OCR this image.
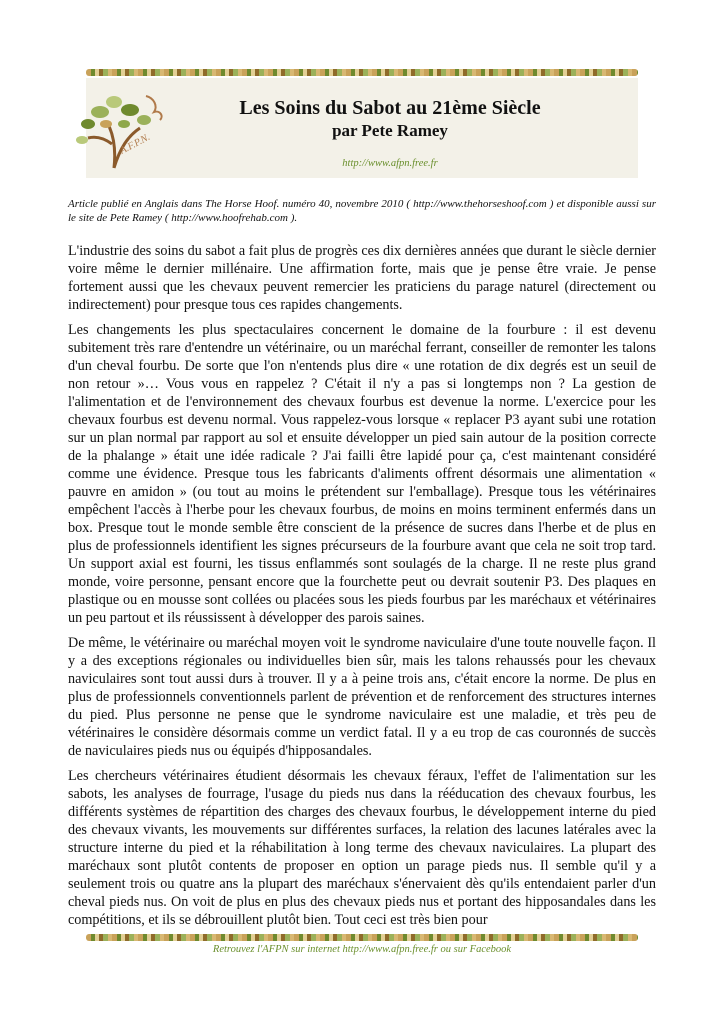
A.F.P.N.
Les Soins du Sabot au 21ème Siècle
par Pete Ramey
http://www.afpn.free.fr

Article publié en Anglais dans The Horse Hoof. numéro 40, novembre 2010 ( http://www.thehorseshoof.com ) et disponible aussi sur le site de Pete Ramey ( http://www.hoofrehab.com ).

L'industrie des soins du sabot a fait plus de progrès ces dix dernières années que durant le siècle dernier voire même le dernier millénaire. Une affirmation forte, mais que je pense être vraie. Je pense fortement aussi que les chevaux peuvent remercier les praticiens du parage naturel (directement ou indirectement) pour presque tous ces rapides changements.

Les changements les plus spectaculaires concernent le domaine de la fourbure : il est devenu subitement très rare d'entendre un vétérinaire, ou un maréchal ferrant, conseiller de remonter les talons d'un cheval fourbu. De sorte que l'on n'entends plus dire « une rotation de dix degrés est un seuil de non retour »… Vous vous en rappelez ? C'était il n'y a pas si longtemps non ? La gestion de l'alimentation et de l'environnement des chevaux fourbus est devenue la norme. L'exercice pour les chevaux fourbus est devenu normal. Vous rappelez-vous lorsque « replacer P3 ayant subi une rotation sur un plan normal par rapport au sol et ensuite développer un pied sain autour de la position correcte de la phalange » était une idée radicale ? J'ai failli être lapidé pour ça, c'est maintenant considéré comme une évidence. Presque tous les fabricants d'aliments offrent désormais une alimentation « pauvre en amidon » (ou tout au moins le prétendent sur l'emballage). Presque tous les vétérinaires empêchent l'accès à l'herbe pour les chevaux fourbus, de moins en moins terminent enfermés dans un box. Presque tout le monde semble être conscient de la présence de sucres dans l'herbe et de plus en plus de professionnels identifient les signes précurseurs de la fourbure avant que cela ne soit trop tard. Un support axial est fourni, les tissus enflammés sont soulagés de la charge. Il ne reste plus grand monde, voire personne, pensant encore que la fourchette peut ou devrait soutenir P3. Des plaques en plastique ou en mousse sont collées ou placées sous les pieds fourbus par les maréchaux et vétérinaires un peu partout et ils réussissent à développer des parois saines.

De même, le vétérinaire ou maréchal moyen voit le syndrome naviculaire d'une toute nouvelle façon. Il y a des exceptions régionales ou individuelles bien sûr, mais les talons rehaussés pour les chevaux naviculaires sont tout aussi durs à trouver. Il y a à peine trois ans, c'était encore la norme. De plus en plus de professionnels conventionnels parlent de prévention et de renforcement des structures internes du pied. Plus personne ne pense que le syndrome naviculaire est une maladie, et très peu de vétérinaires le considère désormais comme un verdict fatal. Il y a eu trop de cas couronnés de succès de naviculaires pieds nus ou équipés d'hipposandales.

Les chercheurs vétérinaires étudient désormais les chevaux féraux, l'effet de l'alimentation sur les sabots, les analyses de fourrage, l'usage du pieds nus dans la rééducation des chevaux fourbus, les différents systèmes de répartition des charges des chevaux fourbus, le développement interne du pied des chevaux vivants, les mouvements sur différentes surfaces, la relation des lacunes latérales avec la structure interne du pied et la réhabilitation à long terme des chevaux naviculaires. La plupart des maréchaux sont plutôt contents de proposer en option un parage pieds nus. Il semble qu'il y a seulement trois ou quatre ans la plupart des maréchaux s'énervaient dès qu'ils entendaient parler d'un cheval pieds nus. On voit de plus en plus des chevaux pieds nus et portant des hipposandales dans les compétitions, et ils se débrouillent plutôt bien. Tout ceci est très bien pour

Retrouvez l'AFPN sur internet http://www.afpn.free.fr ou sur Facebook
